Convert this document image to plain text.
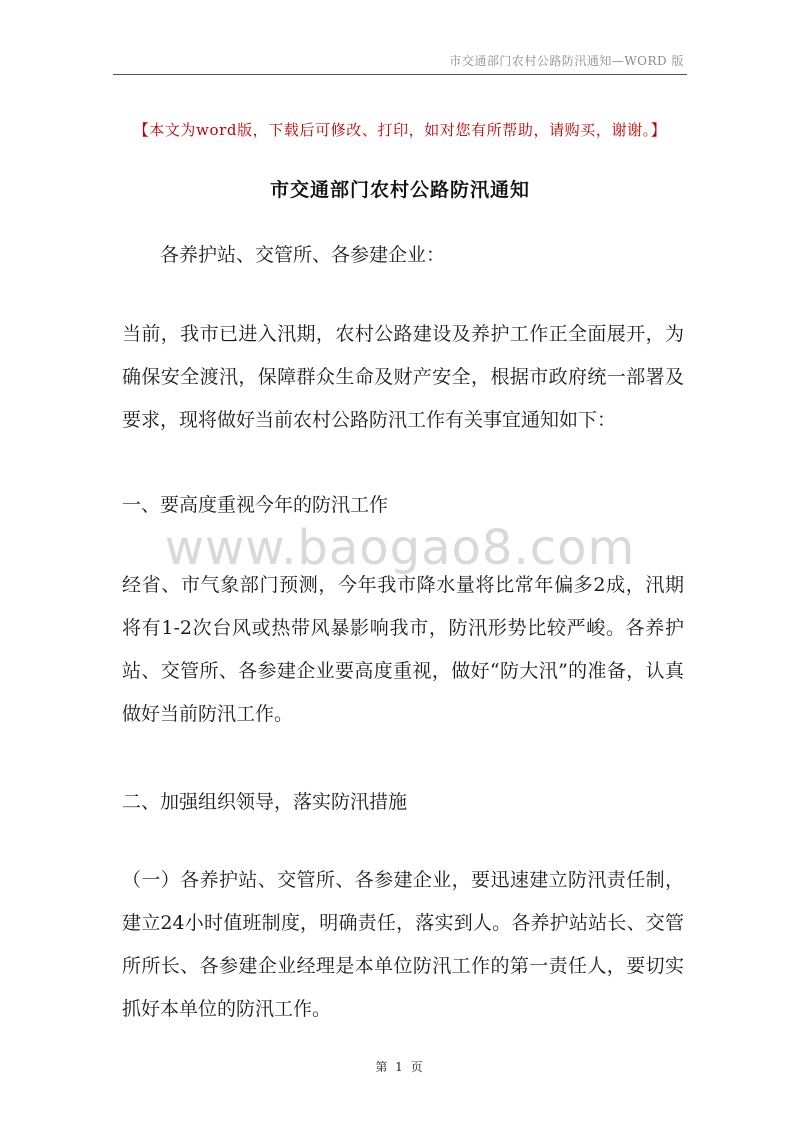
市交通部门农村公路防汛通知—WORD 版
【本文为word版，下载后可修改、打印，如对您有所帮助，请购买，谢谢。】
市交通部门农村公路防汛通知

各养护站、交管所、各参建企业：

当前，我市已进入汛期，农村公路建设及养护工作正全面展开，为确保安全渡汛，保障群众生命及财产安全，根据市政府统一部署及要求，现将做好当前农村公路防汛工作有关事宜通知如下：

一、要高度重视今年的防汛工作

www.baogao8.com

经省、市气象部门预测，今年我市降水量将比常年偏多2成，汛期将有1-2次台风或热带风暴影响我市，防汛形势比较严峻。各养护站、交管所、各参建企业要高度重视，做好“防大汛”的准备，认真做好当前防汛工作。

二、加强组织领导，落实防汛措施

（一）各养护站、交管所、各参建企业，要迅速建立防汛责任制，建立24小时值班制度，明确责任，落实到人。各养护站站长、交管所所长、各参建企业经理是本单位防汛工作的第一责任人，要切实抓好本单位的防汛工作。

第 1 页
